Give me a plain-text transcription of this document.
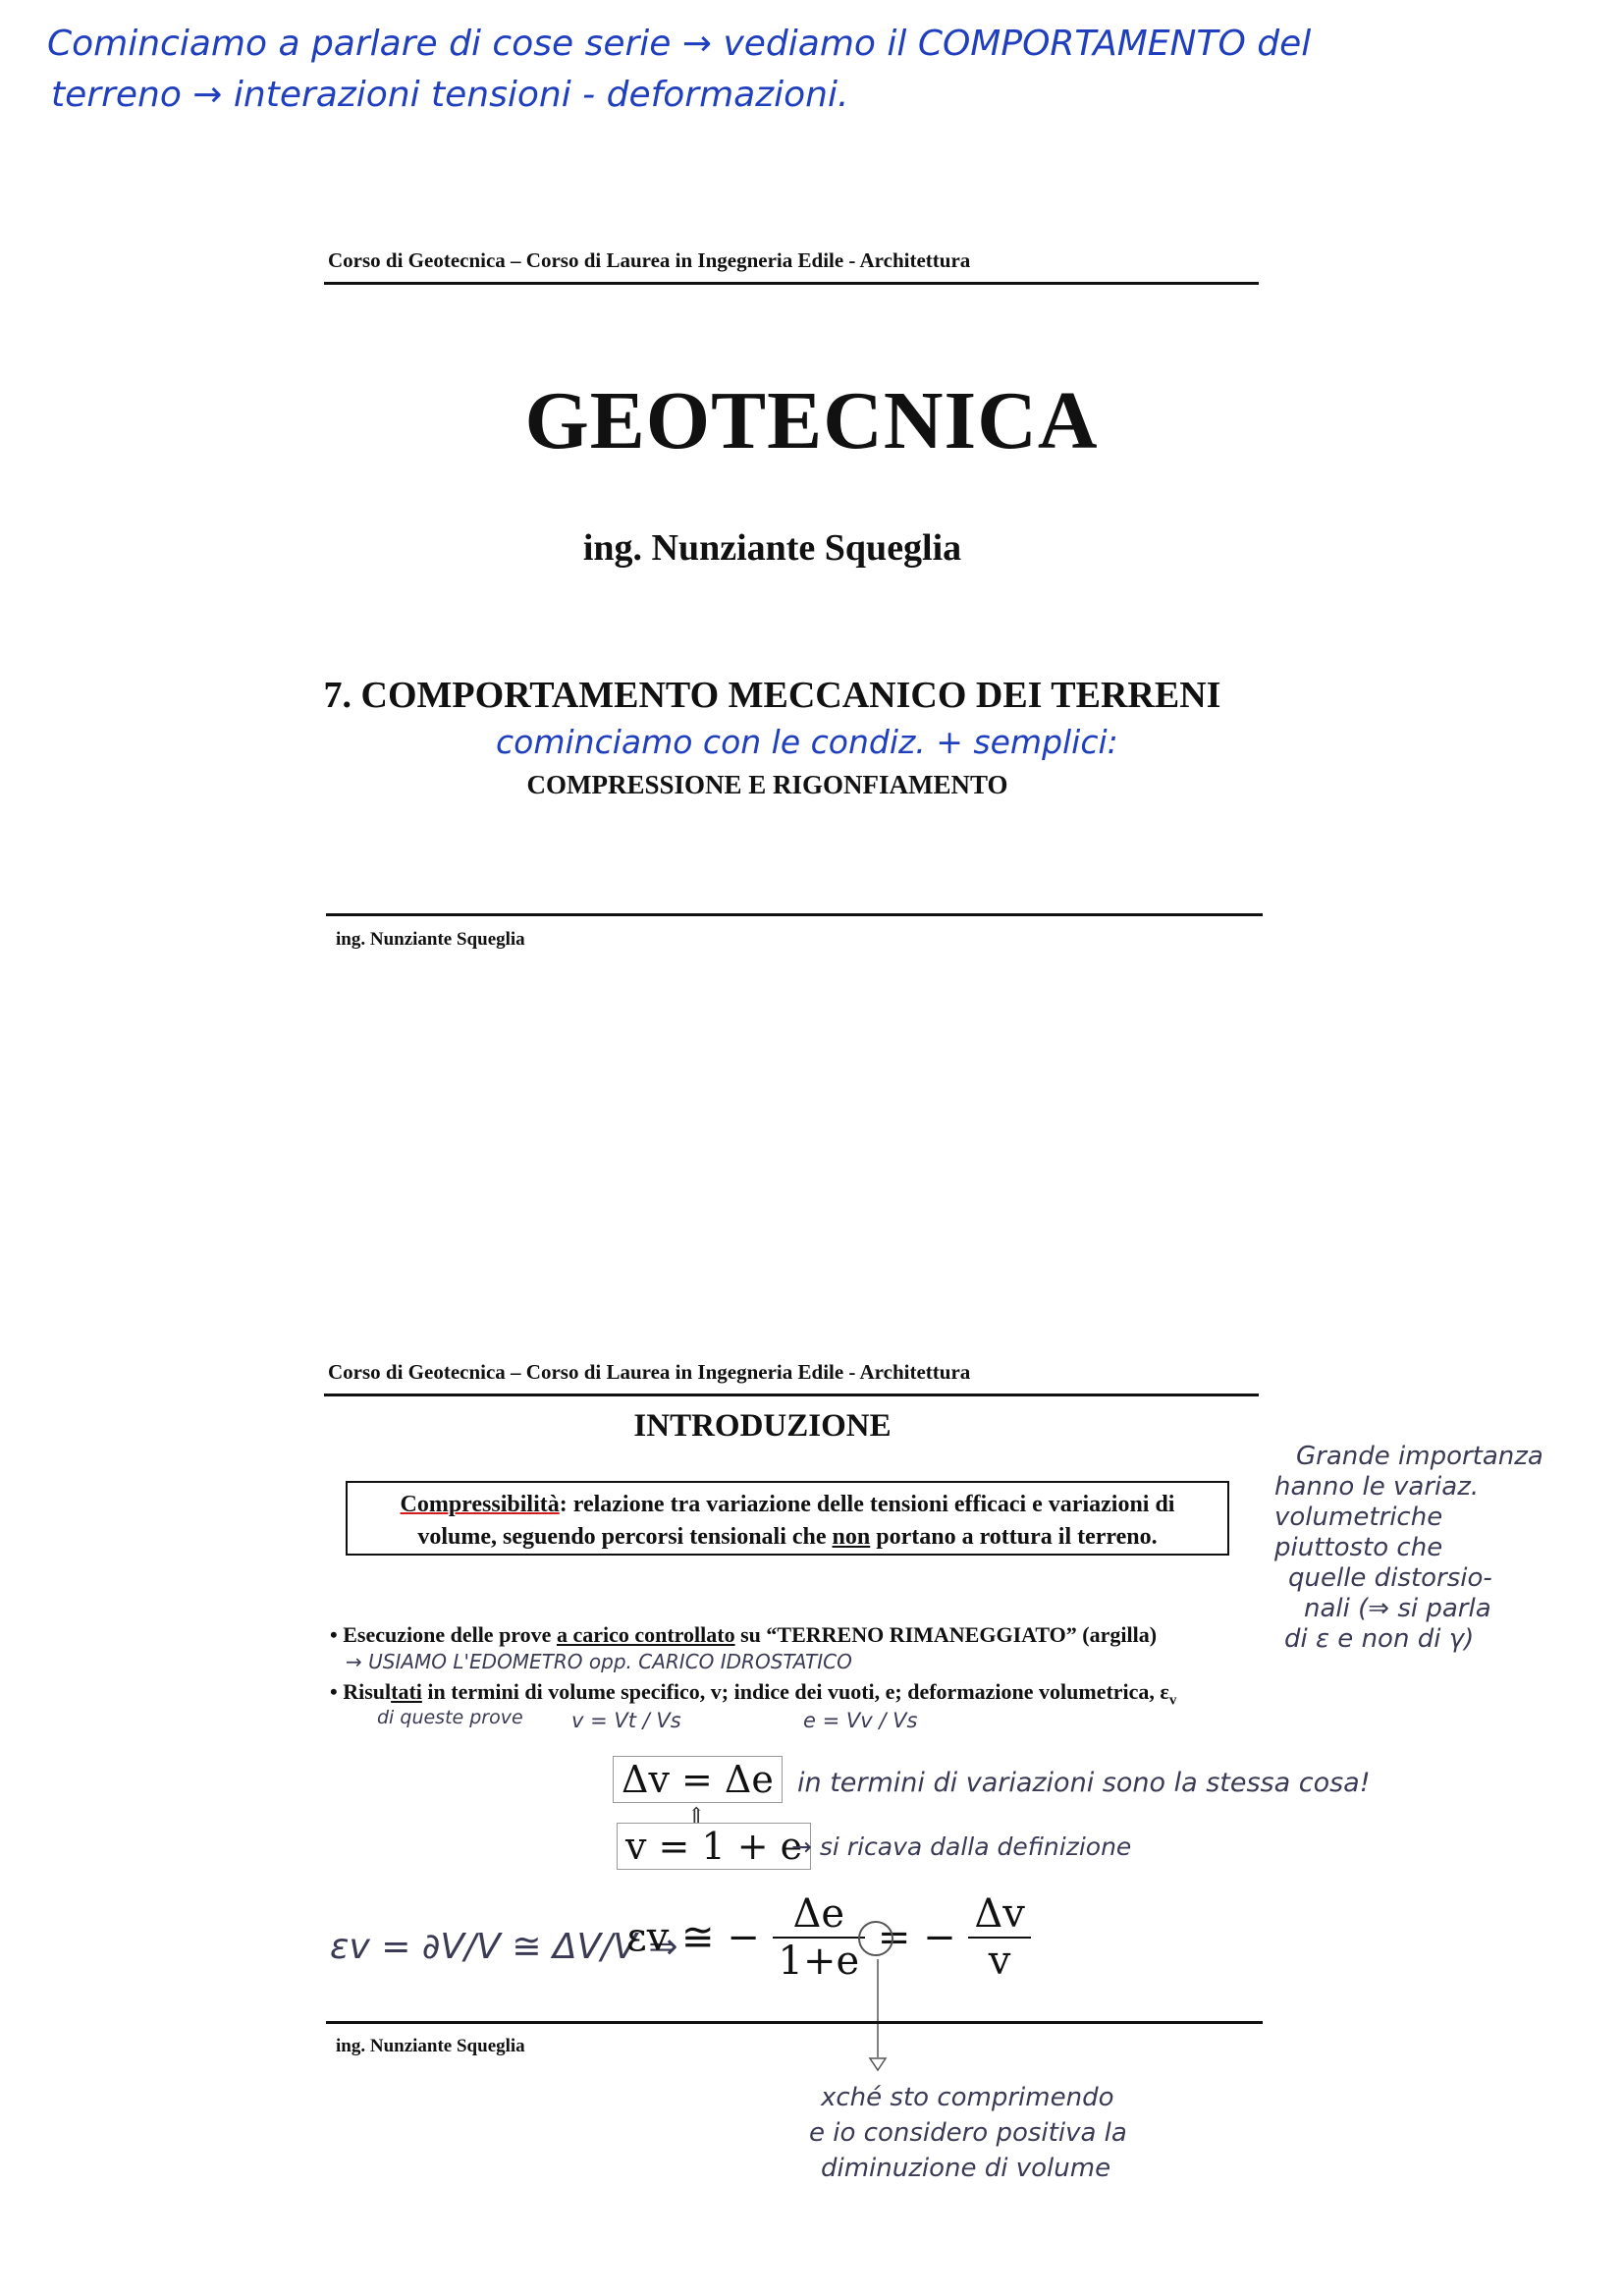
Cominciamo a parlare di cose serie → vediamo il COMPORTAMENTO del
terreno → interazioni tensioni - deformazioni.
Corso di Geotecnica – Corso di Laurea in Ingegneria Edile - Architettura
GEOTECNICA
ing. Nunziante Squeglia
7. COMPORTAMENTO MECCANICO DEI TERRENI
cominciamo con le condiz. + semplici:
COMPRESSIONE E RIGONFIAMENTO
ing. Nunziante Squeglia
Corso di Geotecnica – Corso di Laurea in Ingegneria Edile - Architettura
INTRODUZIONE
Compressibilità: relazione tra variazione delle tensioni efficaci e variazioni di
volume, seguendo percorsi tensionali che non portano a rottura il terreno.
Grande importanza
hanno le variaz.
volumetriche
piuttosto che
quelle distorsio-
nali (⇒ si parla
di ε e non di γ)
• Esecuzione delle prove a carico controllato su “TERRENO RIMANEGGIATO” (argilla)
→ USIAMO L'EDOMETRO opp. CARICO IDROSTATICO
• Risultati in termini di volume specifico, v; indice dei vuoti, e; deformazione volumetrica, $\varepsilon_v$
di queste prove v = Vt / Vs	e = Vv / Vs
Δv = Δe
⇑
in termini di variazioni sono la stessa cosa!
v = 1 + e
→ si ricava dalla definizione
εv = ∂V/V ≅ ΔV/V ⇒
εv ≅ − $\frac{\Delta e}{1+e}$ = − $\frac{\Delta v}{v}$
ing. Nunziante Squeglia
xché sto comprimendo
e io considero positiva la
diminuzione di volume
